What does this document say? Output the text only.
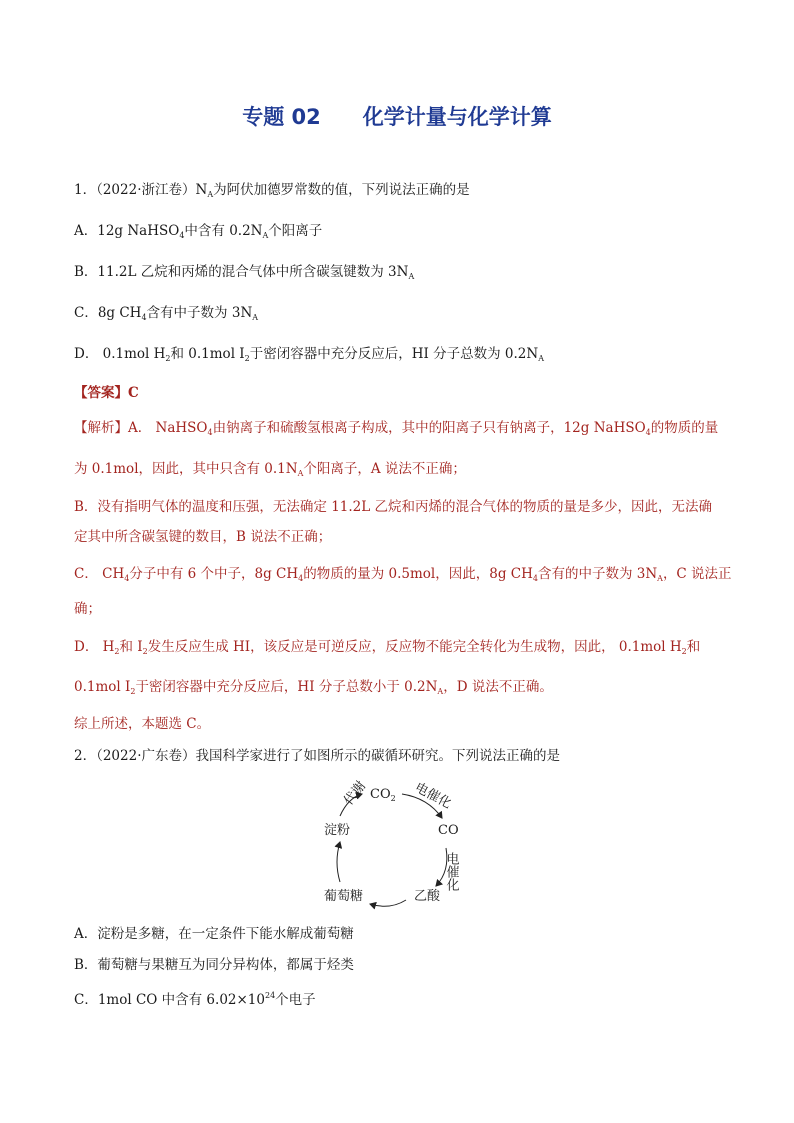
专题 02 化学计量与化学计算
1．（2022·浙江卷）$N_A$为阿伏加德罗常数的值，下列说法正确的是
A．12g NaHSO$_4$中含有 $0.2N_A$个阳离子
B．11.2L 乙烷和丙烯的混合气体中所含碳氢键数为 $3N_A$
C．8g $CH_4$含有中子数为 $3N_A$
D． 0.1mol $H_2$和 0.1mol $I_2$于密闭容器中充分反应后，HI 分子总数为 $0.2N_A$
【答案】C
【解析】A． NaHSO$_4$由钠离子和硫酸氢根离子构成，其中的阳离子只有钠离子，12g NaHSO$_4$的物质的量
为 0.1mol，因此，其中只含有 $0.1N_A$个阳离子，A 说法不正确；
B．没有指明气体的温度和压强，无法确定 11.2L 乙烷和丙烯的混合气体的物质的量是多少，因此，无法确
定其中所含碳氢键的数目，B 说法不正确；
C． $CH_4$分子中有 6 个中子，8g $CH_4$的物质的量为 0.5mol，因此，8g $CH_4$含有的中子数为 $3N_A$，C 说法正
确；
D． $H_2$和 $I_2$发生反应生成 HI，该反应是可逆反应，反应物不能完全转化为生成物，因此， 0.1mol $H_2$和
0.1mol $I_2$于密闭容器中充分反应后，HI 分子总数小于 $0.2N_A$，D 说法不正确。
综上所述，本题选 C。
2．（2022·广东卷）我国科学家进行了如图所示的碳循环研究。下列说法正确的是
$CO_2$
CO
乙酸
葡萄糖
淀粉
代谢	电催化
电催化
A．淀粉是多糖，在一定条件下能水解成葡萄糖
B．葡萄糖与果糖互为同分异构体，都属于烃类
C．1mol CO 中含有 $6.02\times 10^{24}$个电子
